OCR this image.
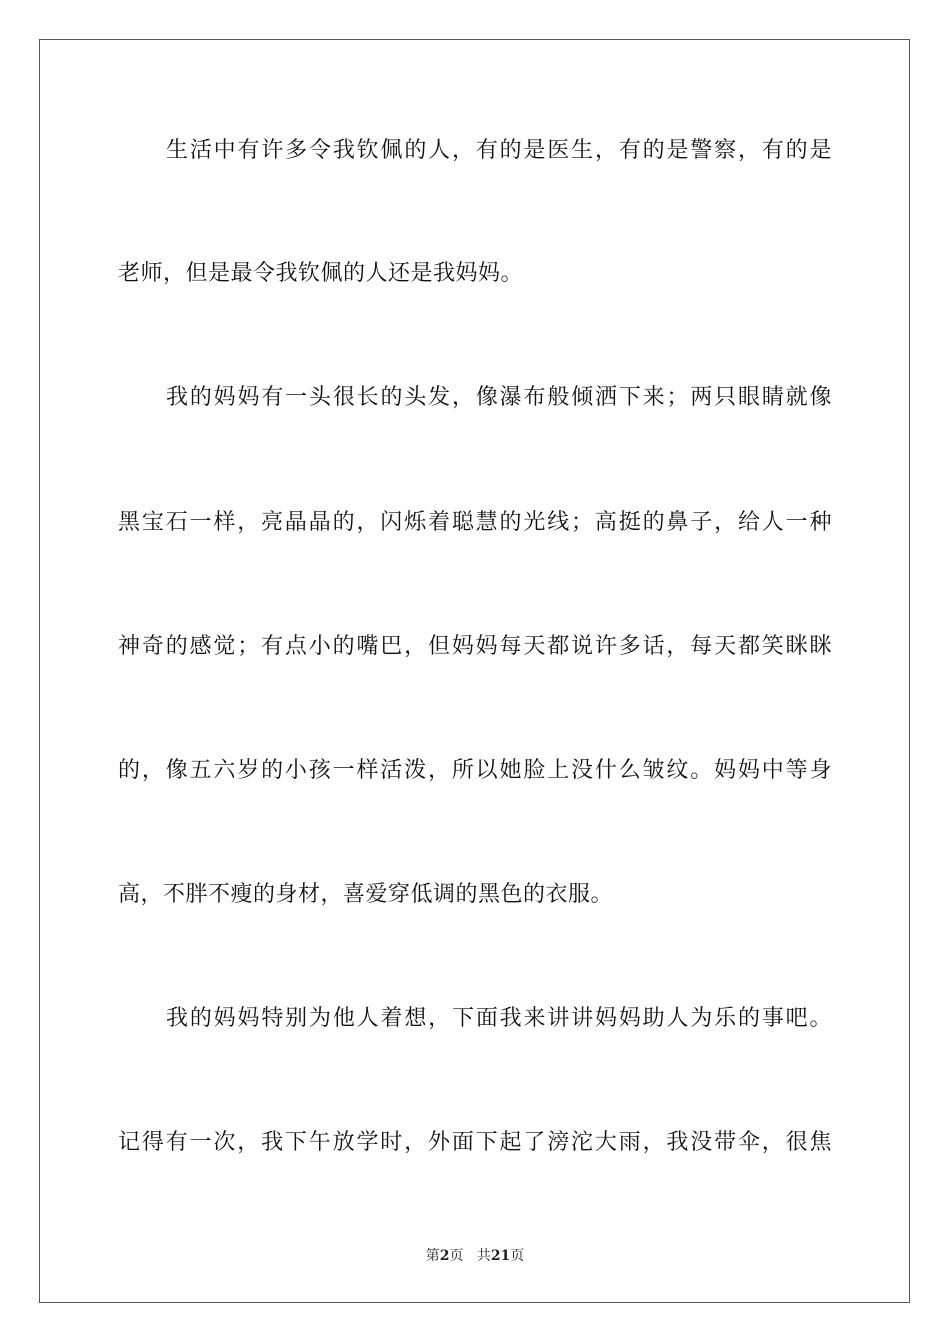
生活中有许多令我钦佩的人，有的是医生，有的是警察，有的是
老师，但是最令我钦佩的人还是我妈妈。
我的妈妈有一头很长的头发，像瀑布般倾洒下来；两只眼睛就像
黑宝石一样，亮晶晶的，闪烁着聪慧的光线；高挺的鼻子，给人一种
神奇的感觉；有点小的嘴巴，但妈妈每天都说许多话，每天都笑眯眯
的，像五六岁的小孩一样活泼，所以她脸上没什么皱纹。妈妈中等身
高，不胖不瘦的身材，喜爱穿低调的黑色的衣服。
我的妈妈特别为他人着想，下面我来讲讲妈妈助人为乐的事吧。
记得有一次，我下午放学时，外面下起了滂沱大雨，我没带伞，很焦
第2页 共21页
